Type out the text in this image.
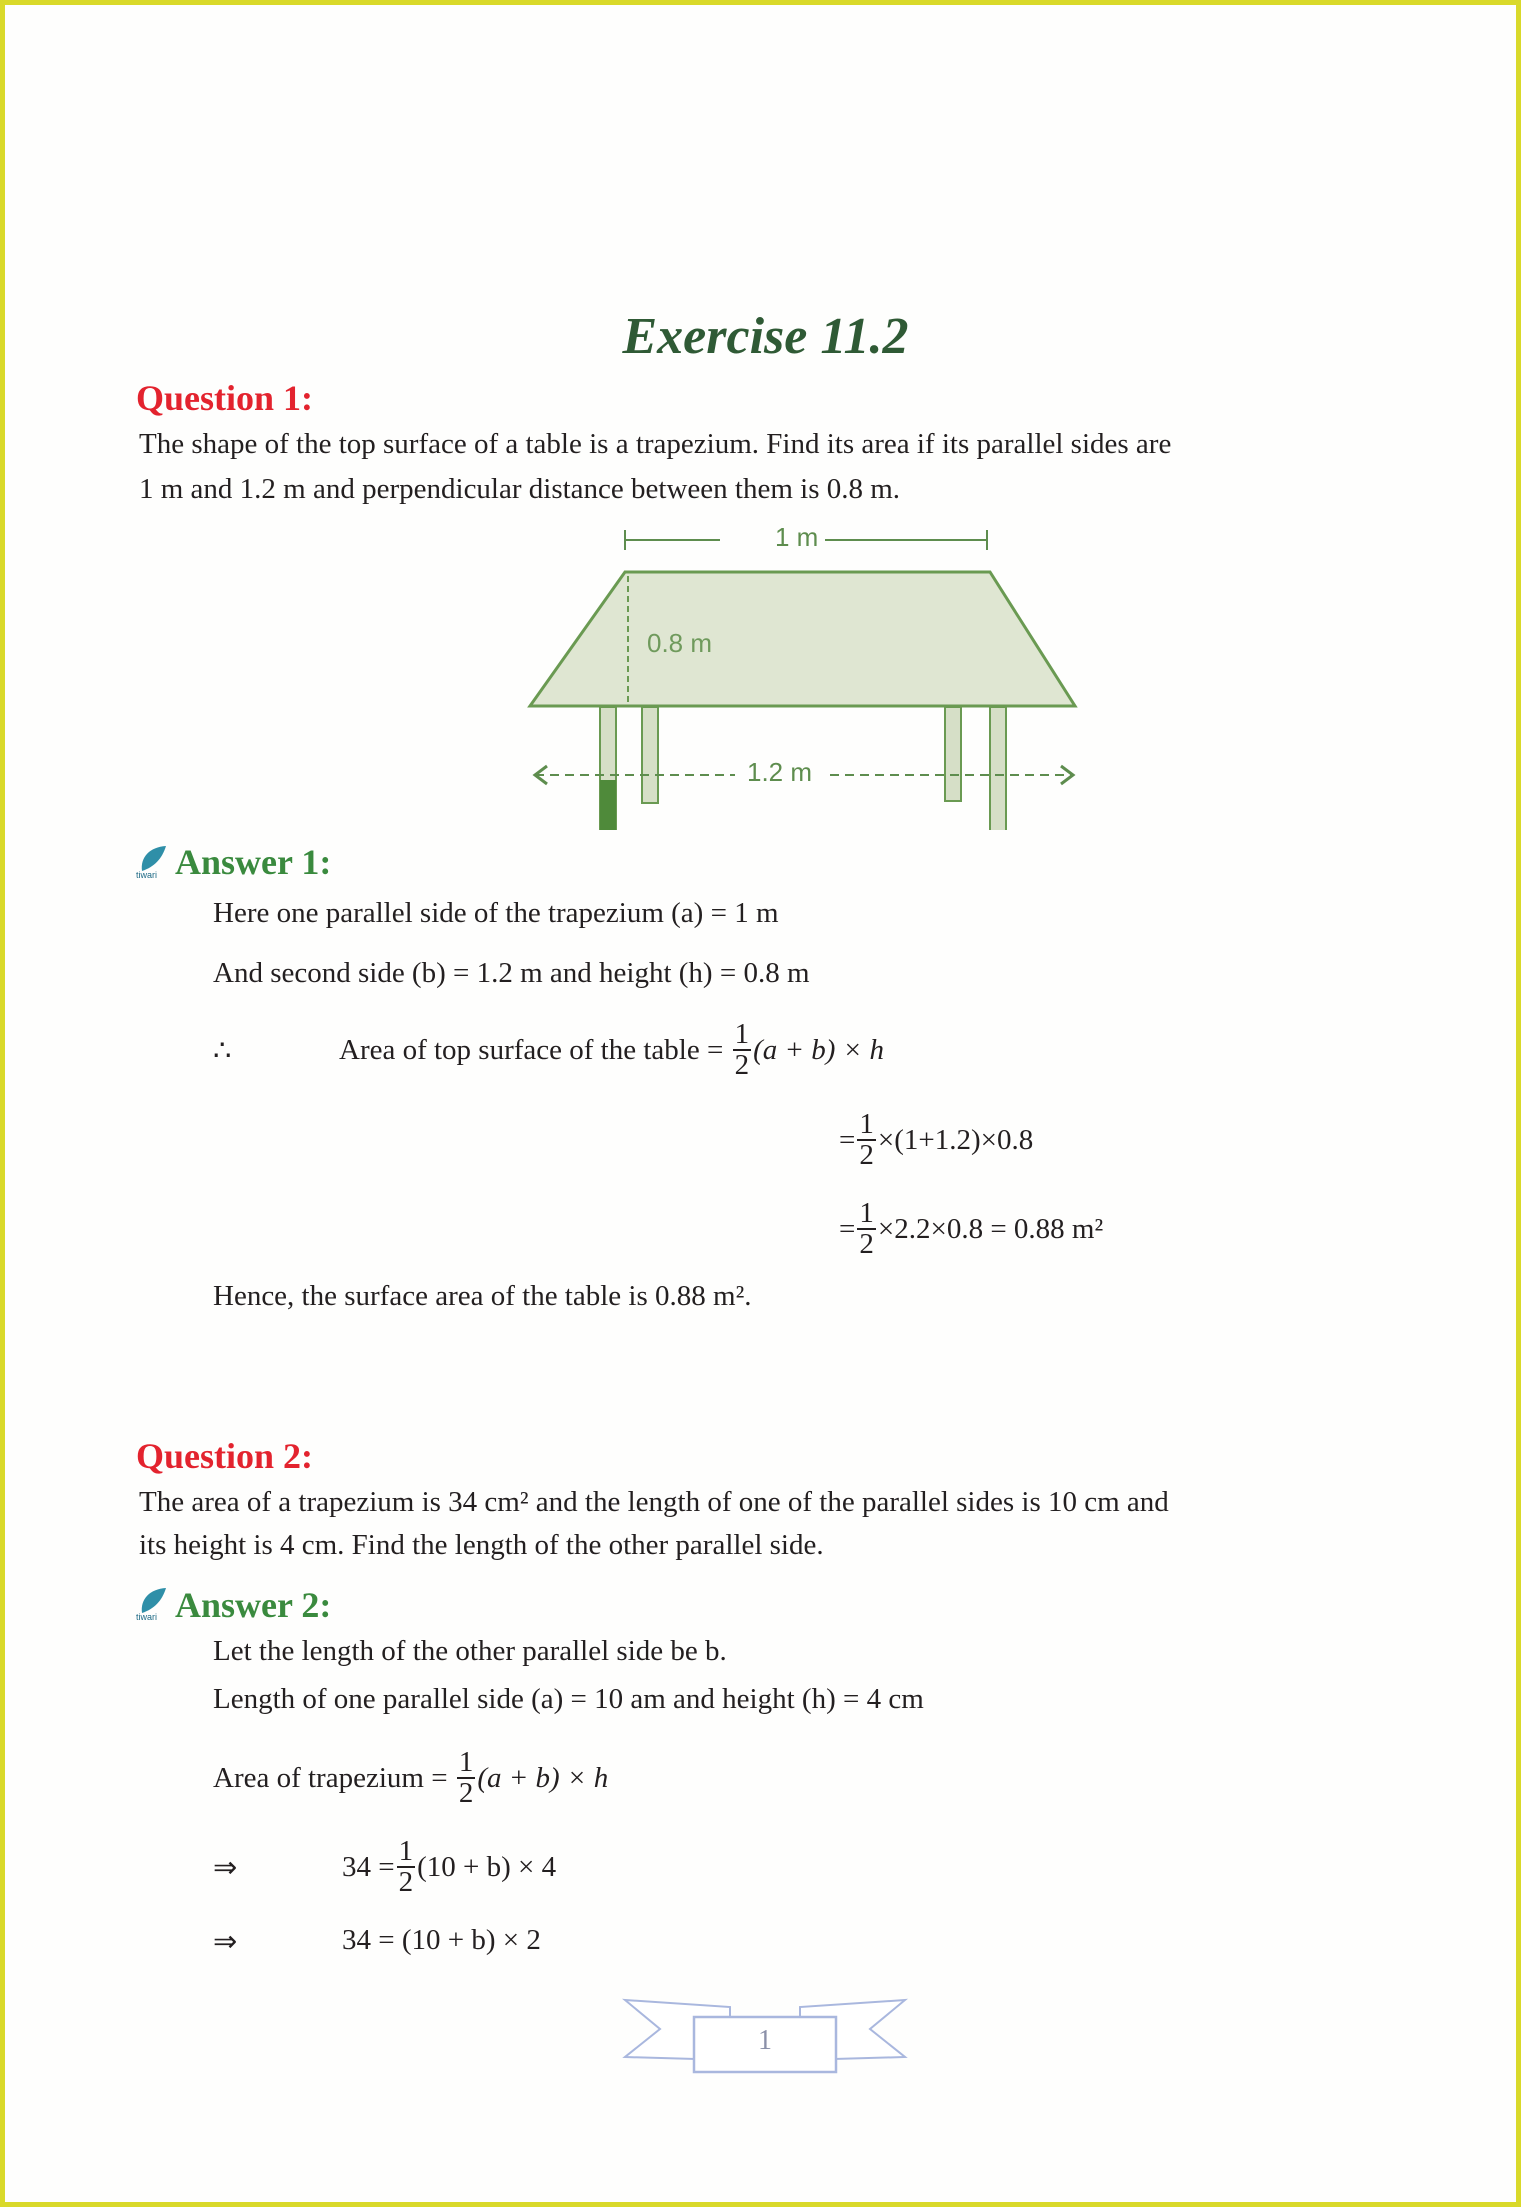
Exercise 11.2
Question 1:
The shape of the top surface of a table is a trapezium. Find its area if its parallel sides are
1 m and 1.2 m and perpendicular distance between them is 0.8 m.
1 m
0.8 m
1.2 m
tiwari Answer 1:
Here one parallel side of the trapezium (a) = 1 m
And second side (b) = 1.2 m and height (h) = 0.8 m
∴	Area of top surface of the table =
$\frac{1}{2} (a + b) \times h$
= $\frac{1}{2} \times(1+1.2)\times 0.8$
= $\frac{1}{2} \times 2.2\times 0.8 = 0.88$ m²
Hence, the surface area of the table is 0.88 m².
Question 2:
The area of a trapezium is 34 cm² and the length of one of the parallel sides is 10 cm and
its height is 4 cm. Find the length of the other parallel side.
tiwari Answer 2:
Let the length of the other parallel side be b.
Length of one parallel side (a) = 10 am and height (h) = 4 cm
Area of trapezium =
$\frac{1}{2} (a + b) \times h$
⇒	$34 = \frac{1}{2} (10 + b) \times 4$
⇒	34 = (10 + b) × 2
1
